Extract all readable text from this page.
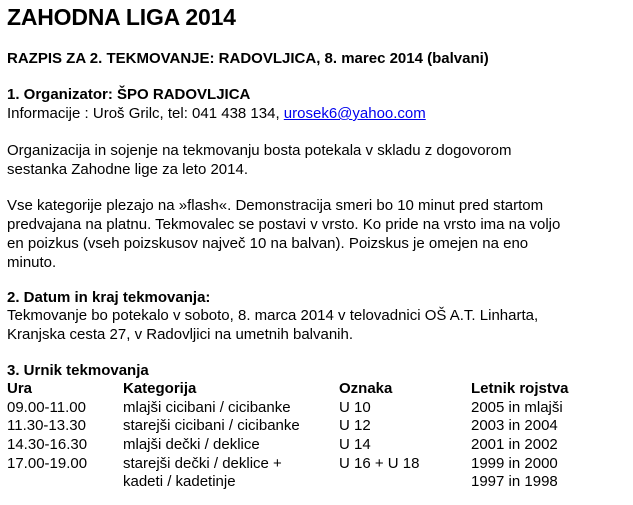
ZAHODNA LIGA 2014
RAZPIS ZA 2. TEKMOVANJE: RADOVLJICA, 8. marec 2014 (balvani)
1. Organizator: ŠPO RADOVLJICA
Informacije : Uroš Grilc, tel: 041 438 134, urosek6@yahoo.com
Organizacija in sojenje na tekmovanju bosta potekala v skladu z dogovorom
sestanka Zahodne lige za leto 2014.
Vse kategorije plezajo na »flash«. Demonstracija smeri bo 10 minut pred startom
predvajana na platnu. Tekmovalec se postavi v vrsto. Ko pride na vrsto ima na voljo
en poizkus (vseh poizskusov največ 10 na balvan). Poizskus je omejen na eno
minuto.
2. Datum in kraj tekmovanja:
Tekmovanje bo potekalo v soboto, 8. marca 2014 v telovadnici OŠ A.T. Linharta,
Kranjska cesta 27, v Radovljici na umetnih balvanih.
3. Urnik tekmovanja
Ura	Kategorija	Oznaka	Letnik rojstva
09.00-11.00 mlajši cicibani / cicibanke	U 10	2005 in mlajši
11.30-13.30 starejši cicibani / cicibanke	U 12	2003 in 2004
14.30-16.30 mlajši dečki / deklice	U 14	2001 in 2002
17.00-19.00 starejši dečki / deklice +	U 16 + U 18	1999 in 2000
kadeti / kadetinje	1997 in 1998
